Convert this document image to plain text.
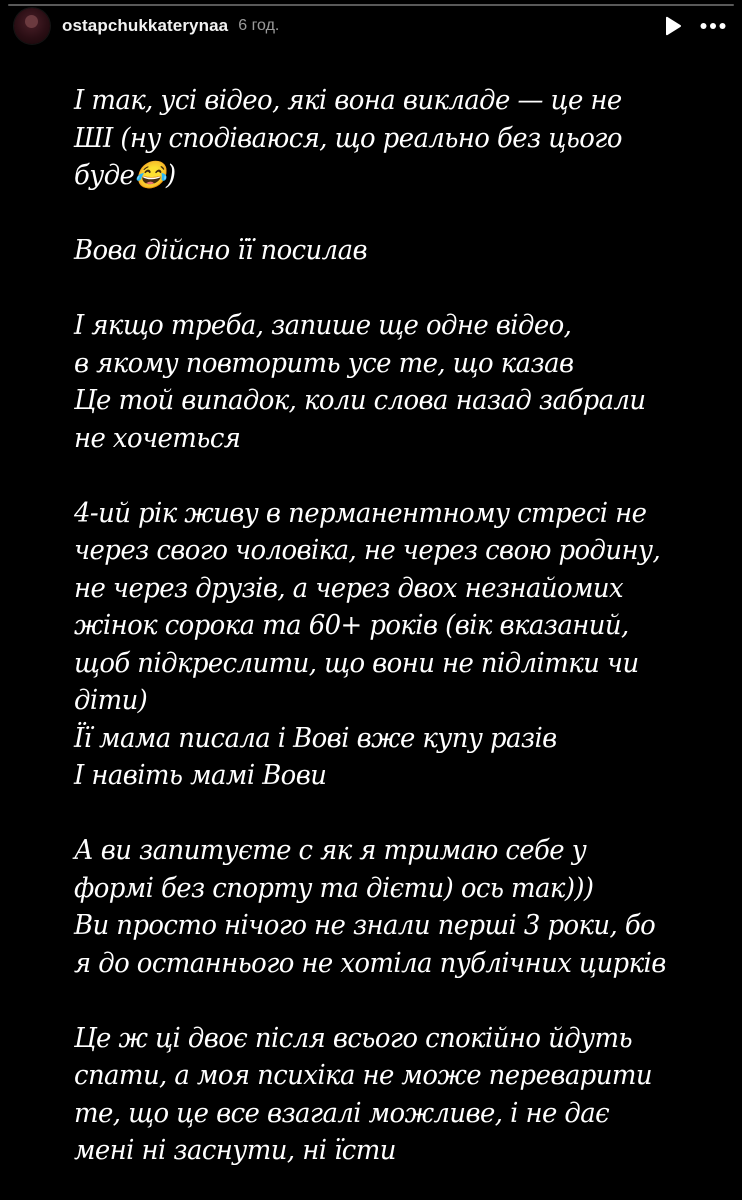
ostapchukkaterynaa 6 год.
І так, усі відео, які вона викладе — це не
ШІ (ну сподіваюся, що реально без цього
буде😂)
Вова дійсно її посилав
І якщо треба, запише ще одне відео,
в якому повторить усе те, що казав
Це той випадок, коли слова назад забрали
не хочеться
4-ий рік живу в перманентному стресі не
через свого чоловіка, не через свою родину,
не через друзів, а через двох незнайомих
жінок сорока та 60+ років (вік вказаний,
щоб підкреслити, що вони не підлітки чи
діти)
Її мама писала і Вові вже купу разів
І навіть мамі Вови
А ви запитуєте с як я тримаю себе у
формі без спорту та дієти) ось так)))
Ви просто нічого не знали перші 3 роки, бо
я до останнього не хотіла публічних цирків
Це ж ці двоє після всього спокійно йдуть
спати, а моя психіка не може переварити
те, що це все взагалі можливе, і не дає
мені ні заснути, ні їсти
